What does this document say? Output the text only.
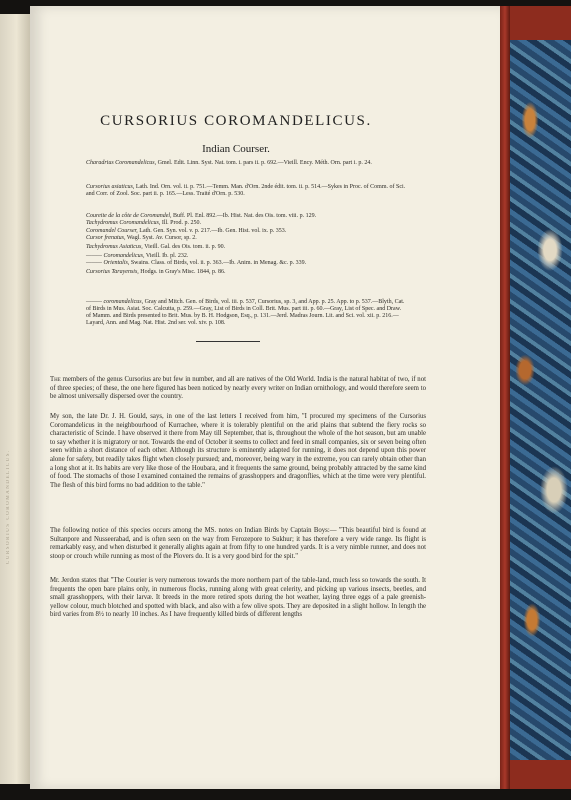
CURSORIUS COROMANDELICUS.
CURSORIUS COROMANDELICUS.
Indian Courser.

Charadrius Coromandelicus, Gmel. Edit. Linn. Syst. Nat. tom. i. pars ii. p. 692.—Vieill. Ency. Méth. Orn. part i. p. 24.

Cursorius asiaticus, Lath. Ind. Orn. vol. ii. p. 751.—Temm. Man. d'Orn. 2nde édit. tom. ii. p. 514.—Sykes in Proc. of Comm. of Sci. and Corr. of Zool. Soc. part ii. p. 165.—Less. Traité d'Orn. p. 530.

Coureite de la côte de Coromandel, Buff. Pl. Enl. 892.—Ib. Hist. Nat. des Ois. tom. viii. p. 129.
Tachydromus Coromandelicus, Ill. Prod. p. 250.

Coromandel Courser, Lath. Gen. Syn. vol. v. p. 217.—Ib. Gen. Hist. vol. ix. p. 353.
Cursor frenatus, Wagl. Syst. Av. Cursor, sp. 2.

Tachydromus Asiaticus, Vieill. Gal. des Ois. tom. ii. p. 90.

——— Coromandelicus, Vieill. Ib. pl. 232.
——— Orientalis, Swains. Class. of Birds, vol. ii. p. 363.—Ib. Anim. in Menag. &c. p. 339.

Cursorius Tarayensis, Hodgs. in Gray's Misc. 1844, p. 86.

——— coromandelicus, Gray and Mitch. Gen. of Birds, vol. iii. p. 537, Cursorius, sp. 3, and App. p. 25. App. to p. 537.—Blyth, Cat. of Birds in Mus. Asiat. Soc. Calcutta, p. 259.—Gray, List of Birds in Coll. Brit. Mus. part iii. p. 60.—Gray, List of Spec. and Draw. of Mamm. and Birds presented to Brit. Mus. by B. H. Hodgson, Esq., p. 131.—Jerd. Madras Journ. Lit. and Sci. vol. xii. p. 216.—Layard, Ann. and Mag. Nat. Hist. 2nd ser. vol. xiv. p. 108.

The members of the genus Cursorius are but few in number, and all are natives of the Old World. India is the natural habitat of two, if not of three species; of these, the one here figured has been noticed by nearly every writer on Indian ornithology, and would therefore seem to be almost universally dispersed over the country.

My son, the late Dr. J. H. Gould, says, in one of the last letters I received from him, "I procured my specimens of the Cursorius Coromandelicus in the neighbourhood of Kurrachee, where it is tolerably plentiful on the arid plains that subtend the fiery rocks so characteristic of Scinde. I have observed it there from May till September, that is, throughout the whole of the hot season, but am unable to say whether it is migratory or not. Towards the end of October it seems to collect and feed in small companies, six or seven being often seen within a short distance of each other. Although its structure is eminently adapted for running, it does not depend upon this power alone for safety, but readily takes flight when closely pursued; and, moreover, being wary in the extreme, you can rarely obtain other than a long shot at it. Its habits are very like those of the Houbara, and it frequents the same ground, being probably attracted by the same kind of food. The stomachs of those I examined contained the remains of grasshoppers and dragonflies, which at the time were very plentiful. The flesh of this bird forms no bad addition to the table."

The following notice of this species occurs among the MS. notes on Indian Birds by Captain Boys:— "This beautiful bird is found at Sultanpore and Nusseerabad, and is often seen on the way from Ferozepore to Sukhur; it has therefore a very wide range. Its flight is remarkably easy, and when disturbed it generally alights again at from fifty to one hundred yards. It is a very nimble runner, and does not stoop or crouch while running as most of the Plovers do. It is a very good bird for the spit."

Mr. Jerdon states that "The Courier is very numerous towards the more northern part of the table-land, much less so towards the south. It frequents the open bare plains only, in numerous flocks, running along with great celerity, and picking up various insects, beetles, and small grasshoppers, with their larvæ. It breeds in the more retired spots during the hot weather, laying three eggs of a pale greenish-yellow colour, much blotched and spotted with black, and also with a few olive spots. They are deposited in a slight hollow. In length the bird varies from 8½ to nearly 10 inches. As I have frequently killed birds of different lengths
